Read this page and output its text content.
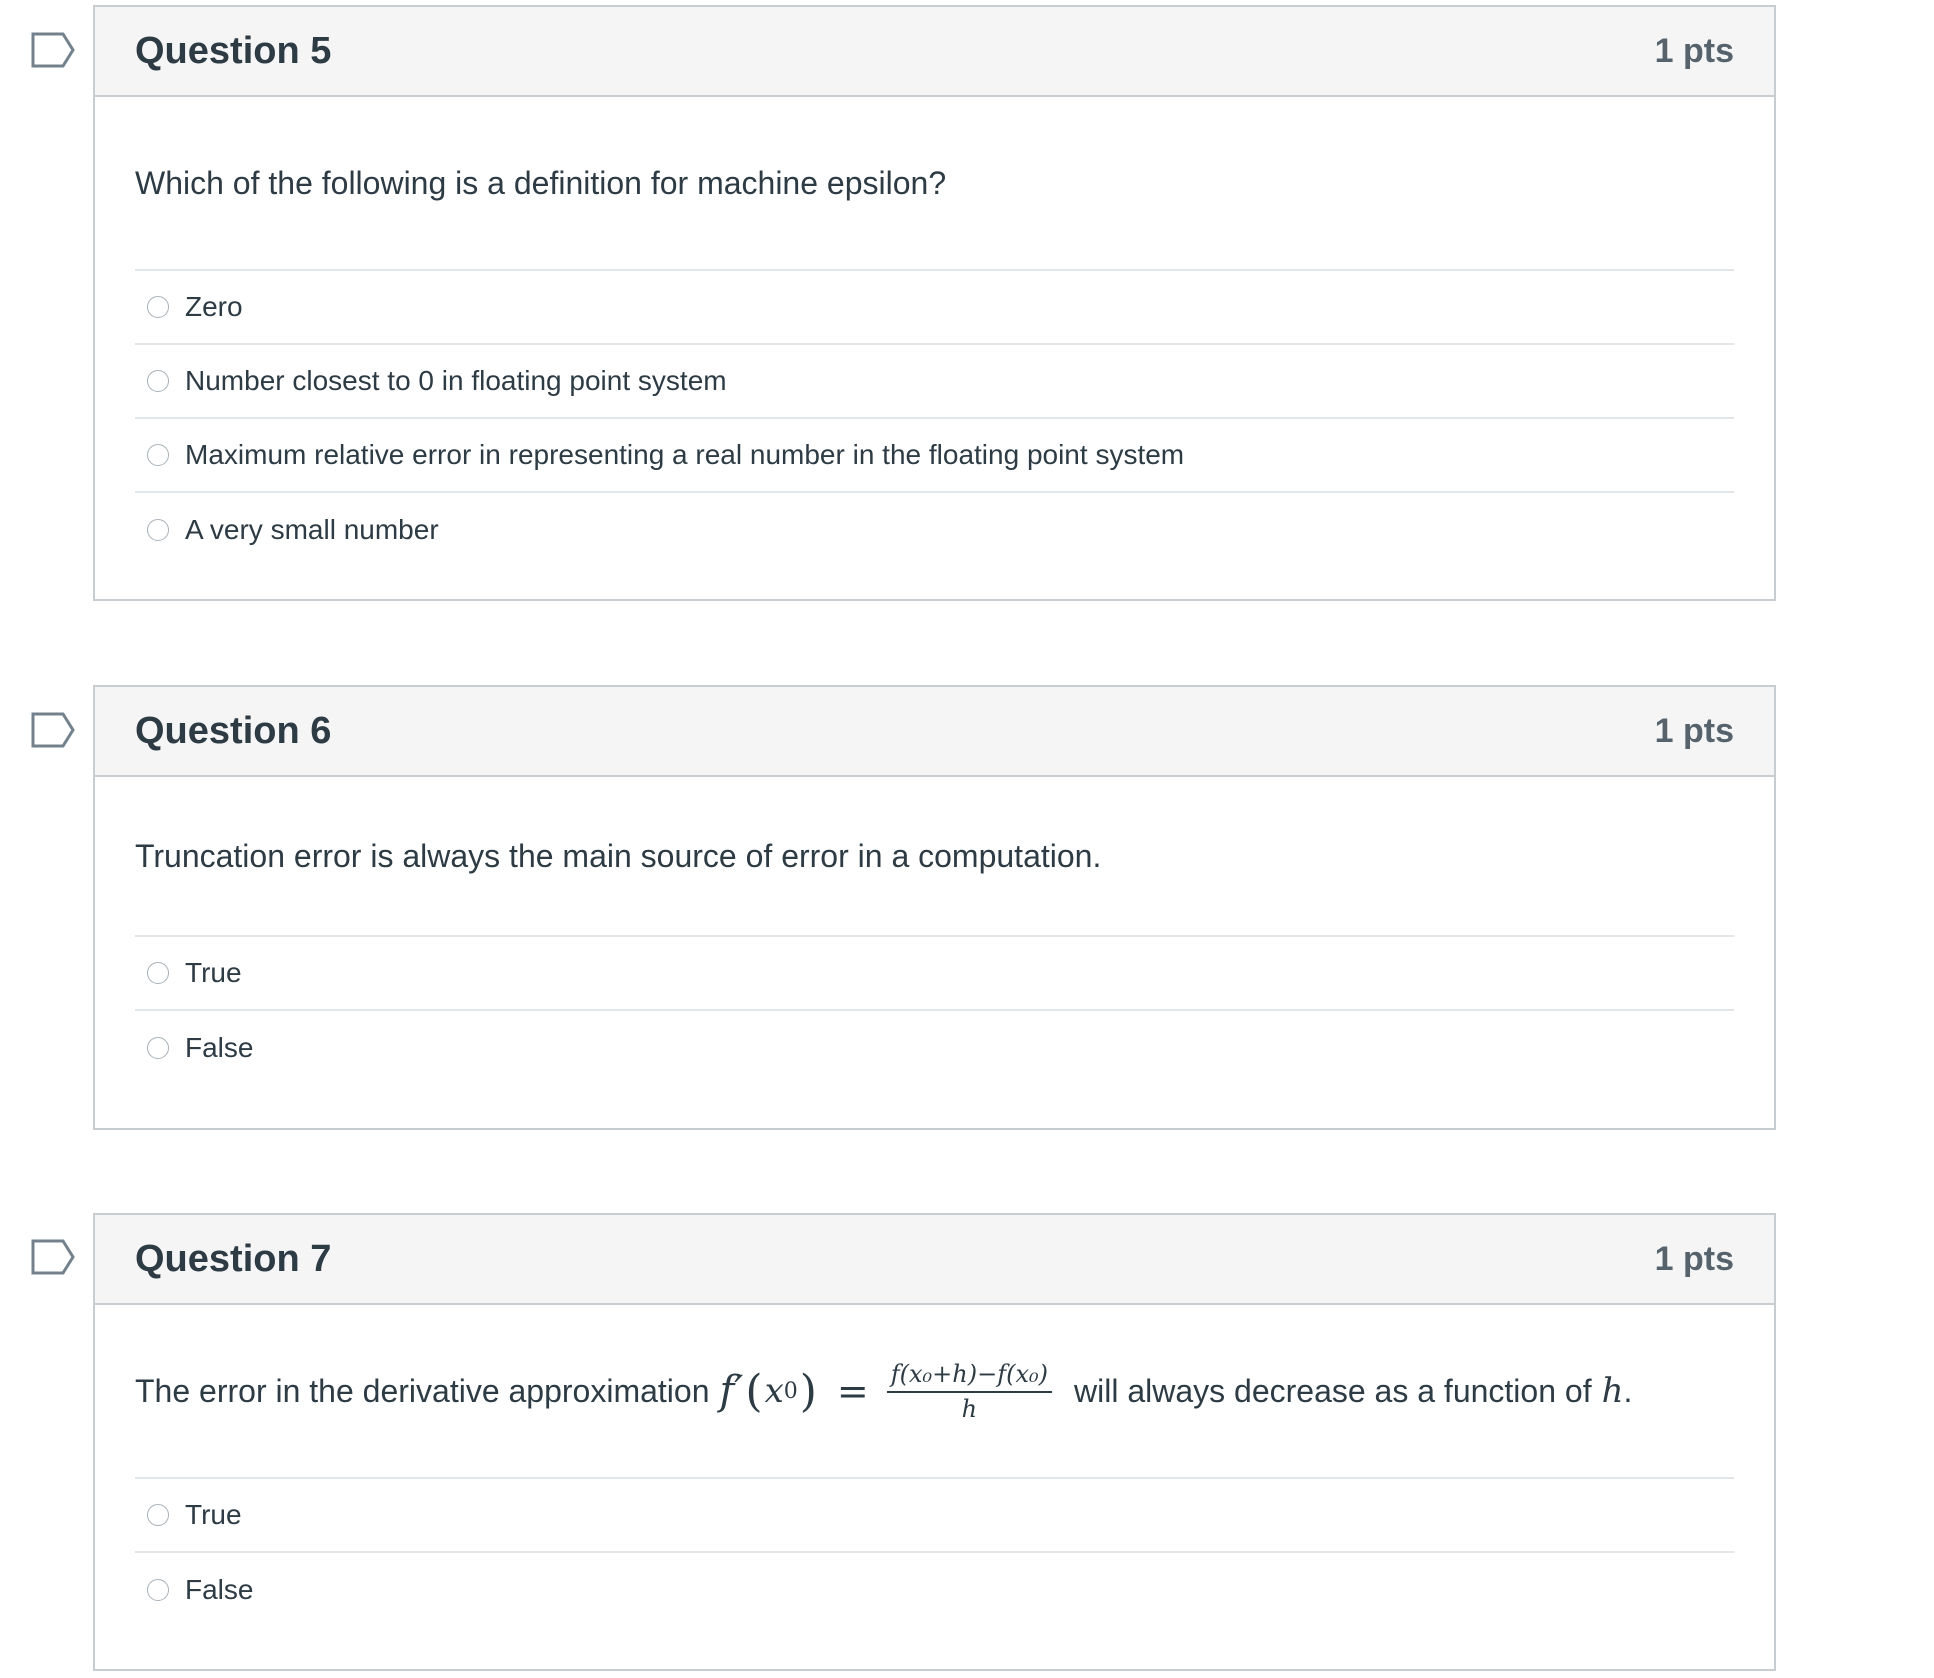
Question 5	1 pts
Which of the following is a definition for machine epsilon?
Zero
Number closest to 0 in floating point system
Maximum relative error in representing a real number in the floating point system
A very small number
Question 6	1 pts
Truncation error is always the main source of error in a computation.
True
False
Question 7	1 pts
The error in the derivative approximation f′ ( x 0 ) = $\frac{\text{f(x₀+h)−f(x₀)}}{h}$ will always decrease as a function of h .
True
False
